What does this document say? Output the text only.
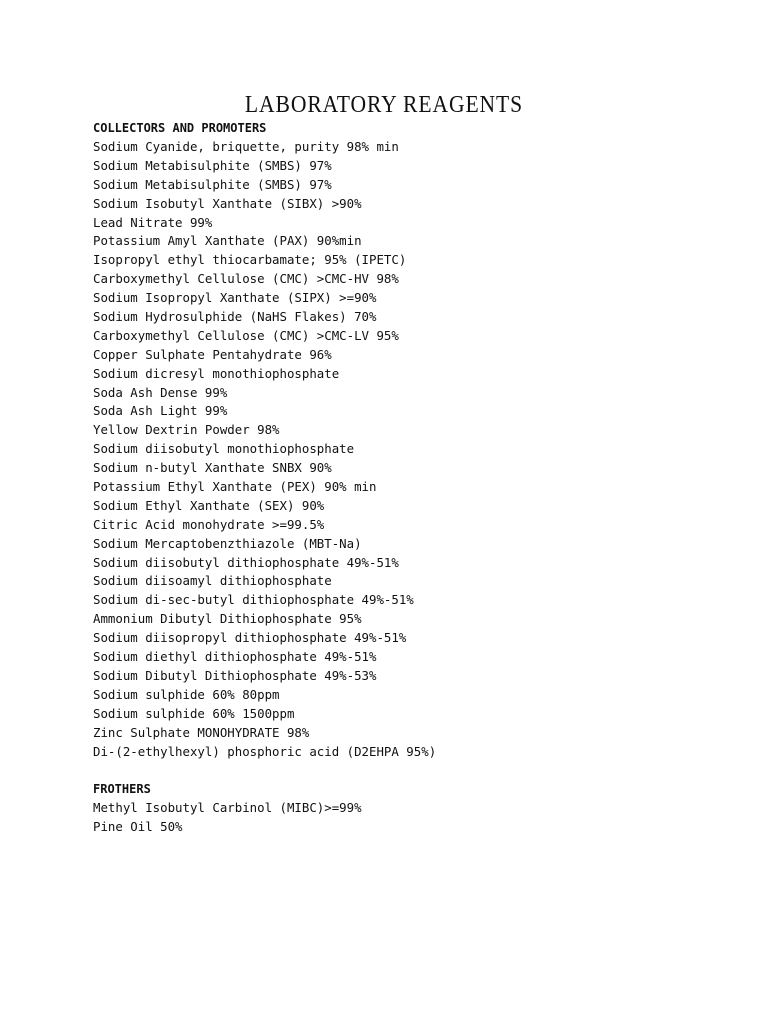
LABORATORY REAGENTS
COLLECTORS AND PROMOTERS
Sodium Cyanide, briquette, purity 98% min
Sodium Metabisulphite (SMBS) 97%
Sodium Metabisulphite (SMBS) 97%
Sodium Isobutyl Xanthate (SIBX) >90%
Lead Nitrate 99%
Potassium Amyl Xanthate (PAX) 90%min
Isopropyl ethyl thiocarbamate; 95% (IPETC)
Carboxymethyl Cellulose (CMC) >CMC-HV 98%
Sodium Isopropyl Xanthate (SIPX) >=90%
Sodium Hydrosulphide (NaHS Flakes) 70%
Carboxymethyl Cellulose (CMC) >CMC-LV 95%
Copper Sulphate Pentahydrate 96%
Sodium dicresyl monothiophosphate
Soda Ash Dense 99%
Soda Ash Light 99%
Yellow Dextrin Powder 98%
Sodium diisobutyl monothiophosphate
Sodium n-butyl Xanthate SNBX 90%
Potassium Ethyl Xanthate (PEX) 90% min
Sodium Ethyl Xanthate (SEX) 90%
Citric Acid monohydrate >=99.5%
Sodium Mercaptobenzthiazole (MBT-Na)
Sodium diisobutyl dithiophosphate 49%-51%
Sodium diisoamyl dithiophosphate
Sodium di-sec-butyl dithiophosphate 49%-51%
Ammonium Dibutyl Dithiophosphate 95%
Sodium diisopropyl dithiophosphate 49%-51%
Sodium diethyl dithiophosphate 49%-51%
Sodium Dibutyl Dithiophosphate 49%-53%
Sodium sulphide 60% 80ppm
Sodium sulphide 60% 1500ppm
Zinc Sulphate MONOHYDRATE 98%
Di-(2-ethylhexyl) phosphoric acid (D2EHPA 95%)
FROTHERS
Methyl Isobutyl Carbinol (MIBC)>=99%
Pine Oil 50%
